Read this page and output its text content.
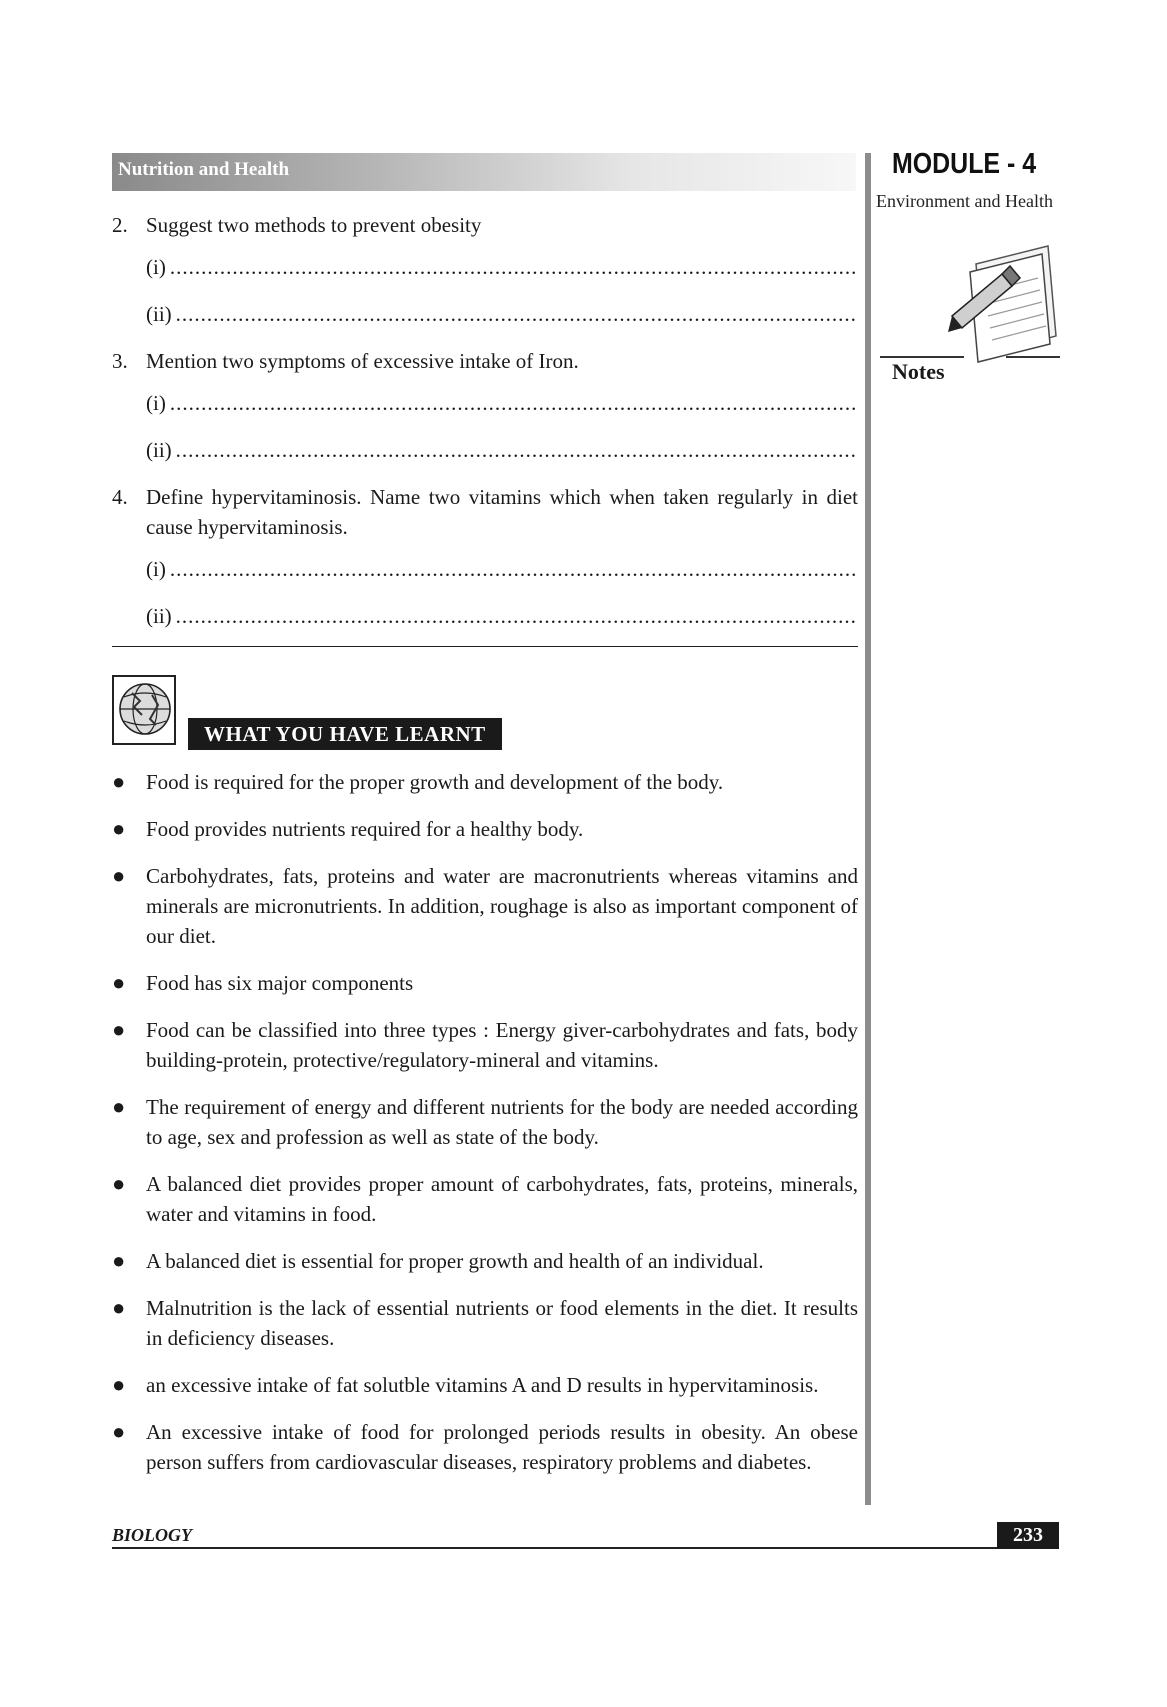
Nutrition and Health	MODULE - 4
Environment and Health
Notes
2. Suggest two methods to prevent obesity
(i)
.....
(ii)
.....
3. Mention two symptoms of excessive intake of Iron.
(i)
.....
(ii)
.....
4. Define hypervitaminosis. Name two vitamins which when taken regularly in diet cause hypervitaminosis.
(i)
.....
(ii)
.....
WHAT YOU HAVE LEARNT
● Food is required for the proper growth and development of the body.
● Food provides nutrients required for a healthy body.
● Carbohydrates, fats, proteins and water are macronutrients whereas vitamins and minerals are micronutrients. In addition, roughage is also as important component of our diet.
● Food has six major components
● Food can be classified into three types : Energy giver-carbohydrates and fats, body building-protein, protective/regulatory-mineral and vitamins.
● The requirement of energy and different nutrients for the body are needed according to age, sex and profession as well as state of the body.
● A balanced diet provides proper amount of carbohydrates, fats, proteins, minerals, water and vitamins in food.
● A balanced diet is essential for proper growth and health of an individual.
● Malnutrition is the lack of essential nutrients or food elements in the diet. It results in deficiency diseases.
● an excessive intake of fat solutble vitamins A and D results in hypervitaminosis.
● An excessive intake of food for prolonged periods results in obesity. An obese person suffers from cardiovascular diseases, respiratory problems and diabetes.
BIOLOGY	233
